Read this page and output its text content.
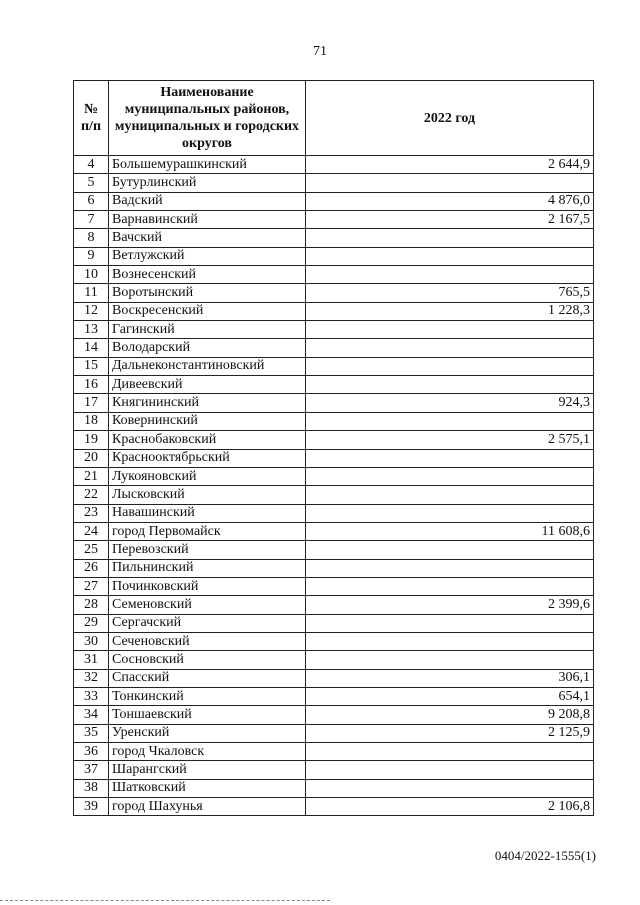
71
№ п/п	Наименование муниципальных районов, муниципальных и городских округов	2022 год
4	Большемурашкинский	2 644,9
5	Бутурлинский	
6	Вадский	4 876,0
7	Варнавинский	2 167,5
8	Вачский	
9	Ветлужский	
10	Вознесенский	
11	Воротынский	765,5
12	Воскресенский	1 228,3
13	Гагинский	
14	Володарский	
15	Дальнеконстантиновский	
16	Дивеевский	
17	Княгининский	924,3
18	Ковернинский	
19	Краснобаковский	2 575,1
20	Краснооктябрьский	
21	Лукояновский	
22	Лысковский	
23	Навашинский	
24	город Первомайск	11 608,6
25	Перевозский	
26	Пильнинский	
27	Починковский	
28	Семеновский	2 399,6
29	Сергачский	
30	Сеченовский	
31	Сосновский	
32	Спасский	306,1
33	Тонкинский	654,1
34	Тоншаевский	9 208,8
35	Уренский	2 125,9
36	город Чкаловск	
37	Шарангский	
38	Шатковский	
39	город Шахунья	2 106,8
0404/2022-1555(1)
